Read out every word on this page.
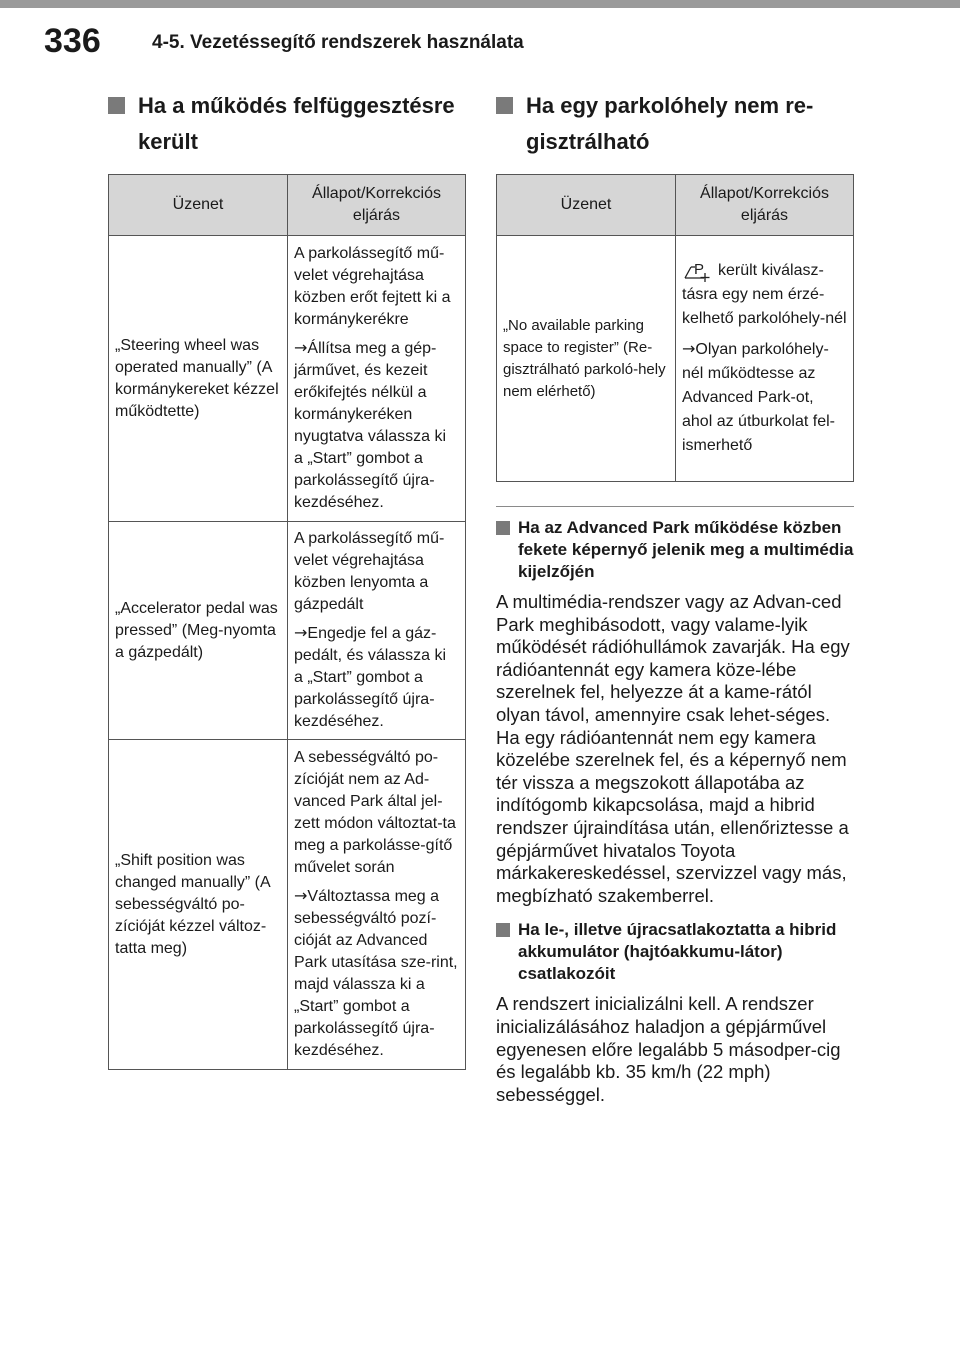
336	4-5. Vezetéssegítő rendszerek használata
Ha a működés felfüggesztésre került
Üzenet	Állapot/Korrekciós eljárás
„Steering wheel was operated manually” (A kormánykereket kézzel működtette)	A parkolássegítő mű-velet végrehajtása közben erőt fejtett ki a kormánykerékre

→Állítsa meg a gép-járművet, és kezeit erőkifejtés nélkül a kormánykeréken nyugtatva válassza ki a „Start” gombot a parkolássegítő újra-kezdéséhez.

„Accelerator pedal was pressed” (Meg-nyomta a gázpedált)	A parkolássegítő mű-velet végrehajtása közben lenyomta a gázpedált

→Engedje fel a gáz-pedált, és válassza ki a „Start” gombot a parkolássegítő újra-kezdéséhez.

„Shift position was changed manually” (A sebességváltó po-zícióját kézzel változ-tatta meg)	A sebességváltó po-zícióját nem az Ad-vanced Park által jel-zett módon változtat-ta meg a parkolásse-gítő művelet során

→Változtassa meg a sebességváltó pozí-cióját az Advanced Park utasítása sze-rint, majd válassza ki a „Start” gombot a parkolássegítő újra-kezdéséhez.

Ha egy parkolóhely nem re-gisztrálható
Üzenet	Állapot/Korrekciós eljárás
„No available parking space to register” (Re-gisztrálható parkoló-hely nem elérhető)	P került kiválasz- tásra egy nem érzé-kelhető parkolóhely-nél

→Olyan parkolóhely-nél működtesse az Advanced Park-ot, ahol az útburkolat fel-ismerhető

Ha az Advanced Park működése közben fekete képernyő jelenik meg a multimédia kijelzőjén

A multimédia-rendszer vagy az Advan-ced Park meghibásodott, vagy valame-lyik működését rádióhullámok zavarják. Ha egy rádióantennát egy kamera köze-lébe szerelnek fel, helyezze át a kame-rától olyan távol, amennyire csak lehet-séges. Ha egy rádióantennát nem egy kamera közelébe szerelnek fel, és a képernyő nem tér vissza a megszokott állapotába az indítógomb kikapcsolása, majd a hibrid rendszer újraindítása után, ellenőriztesse a gépjárművet hivatalos Toyota márkakereskedéssel, szervizzel vagy más, megbízható szakemberrel.

Ha le-, illetve újracsatlakoztatta a hibrid akkumulátor (hajtóakkumu-látor) csatlakozóit

A rendszert inicializálni kell. A rendszer inicializálásához haladjon a gépjárművel egyenesen előre legalább 5 másodper-cig és legalább kb. 35 km/h (22 mph) sebességgel.
